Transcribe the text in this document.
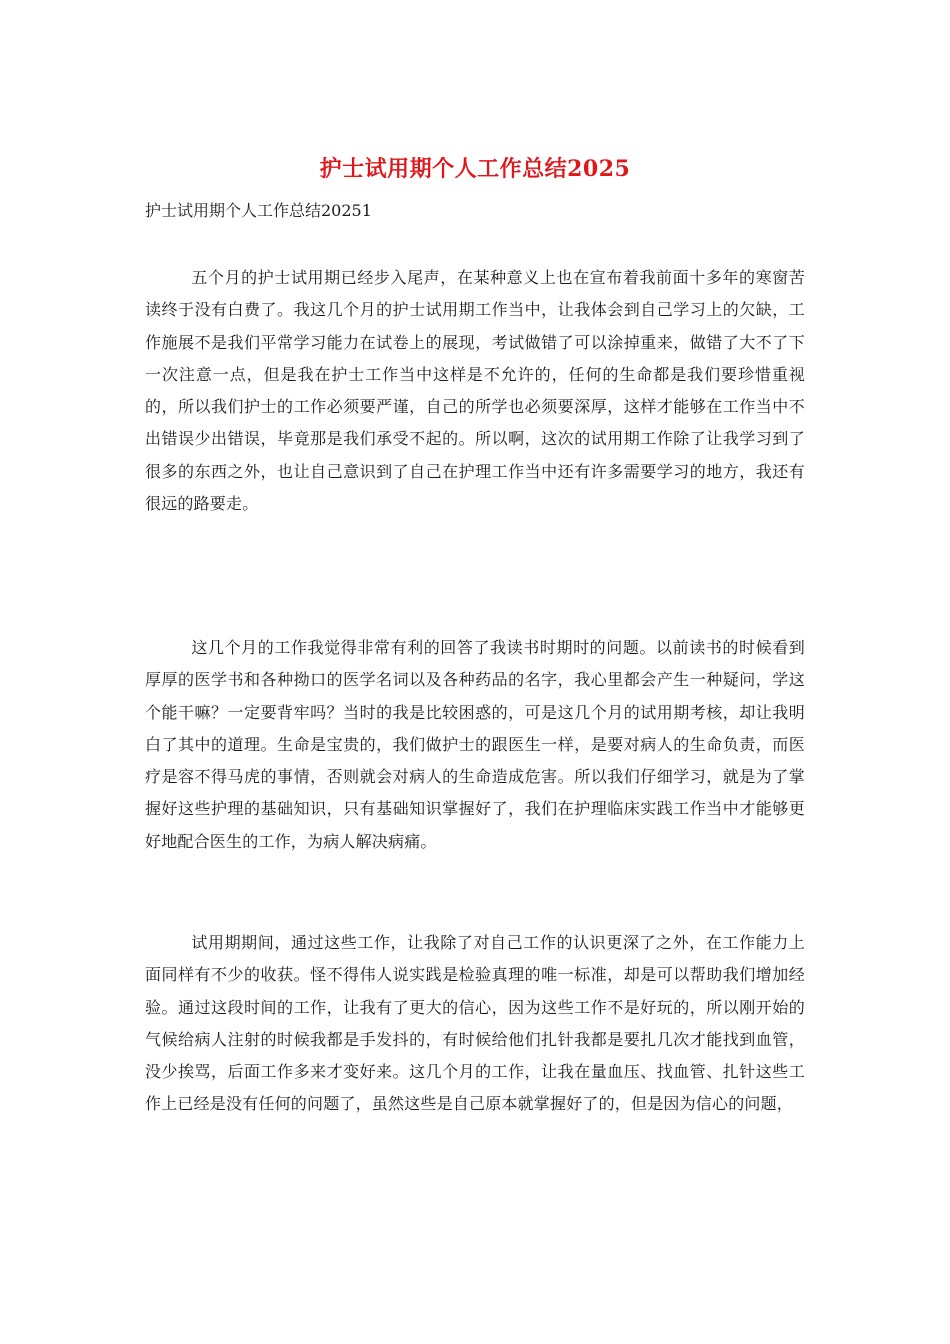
护士试用期个人工作总结2025
护士试用期个人工作总结20251

五个月的护士试用期已经步入尾声，在某种意义上也在宣布着我前面十多年的寒窗苦读终于没有白费了。我这几个月的护士试用期工作当中，让我体会到自己学习上的欠缺，工作施展不是我们平常学习能力在试卷上的展现，考试做错了可以涂掉重来，做错了大不了下一次注意一点，但是我在护士工作当中这样是不允许的，任何的生命都是我们要珍惜重视的，所以我们护士的工作必须要严谨，自己的所学也必须要深厚，这样才能够在工作当中不出错误少出错误，毕竟那是我们承受不起的。所以啊，这次的试用期工作除了让我学习到了很多的东西之外，也让自己意识到了自己在护理工作当中还有许多需要学习的地方，我还有很远的路要走。

这几个月的工作我觉得非常有利的回答了我读书时期时的问题。以前读书的时候看到厚厚的医学书和各种拗口的医学名词以及各种药品的名字，我心里都会产生一种疑问，学这个能干嘛？一定要背牢吗？当时的我是比较困惑的，可是这几个月的试用期考核，却让我明白了其中的道理。生命是宝贵的，我们做护士的跟医生一样，是要对病人的生命负责，而医疗是容不得马虎的事情，否则就会对病人的生命造成危害。所以我们仔细学习，就是为了掌握好这些护理的基础知识，只有基础知识掌握好了，我们在护理临床实践工作当中才能够更好地配合医生的工作，为病人解决病痛。

试用期期间，通过这些工作，让我除了对自己工作的认识更深了之外，在工作能力上面同样有不少的收获。怪不得伟人说实践是检验真理的唯一标准，却是可以帮助我们增加经验。通过这段时间的工作，让我有了更大的信心，因为这些工作不是好玩的，所以刚开始的气候给病人注射的时候我都是手发抖的，有时候给他们扎针我都是要扎几次才能找到血管，没少挨骂，后面工作多来才变好来。这几个月的工作，让我在量血压、找血管、扎针这些工作上已经是没有任何的问题了，虽然这些是自己原本就掌握好了的，但是因为信心的问题，
